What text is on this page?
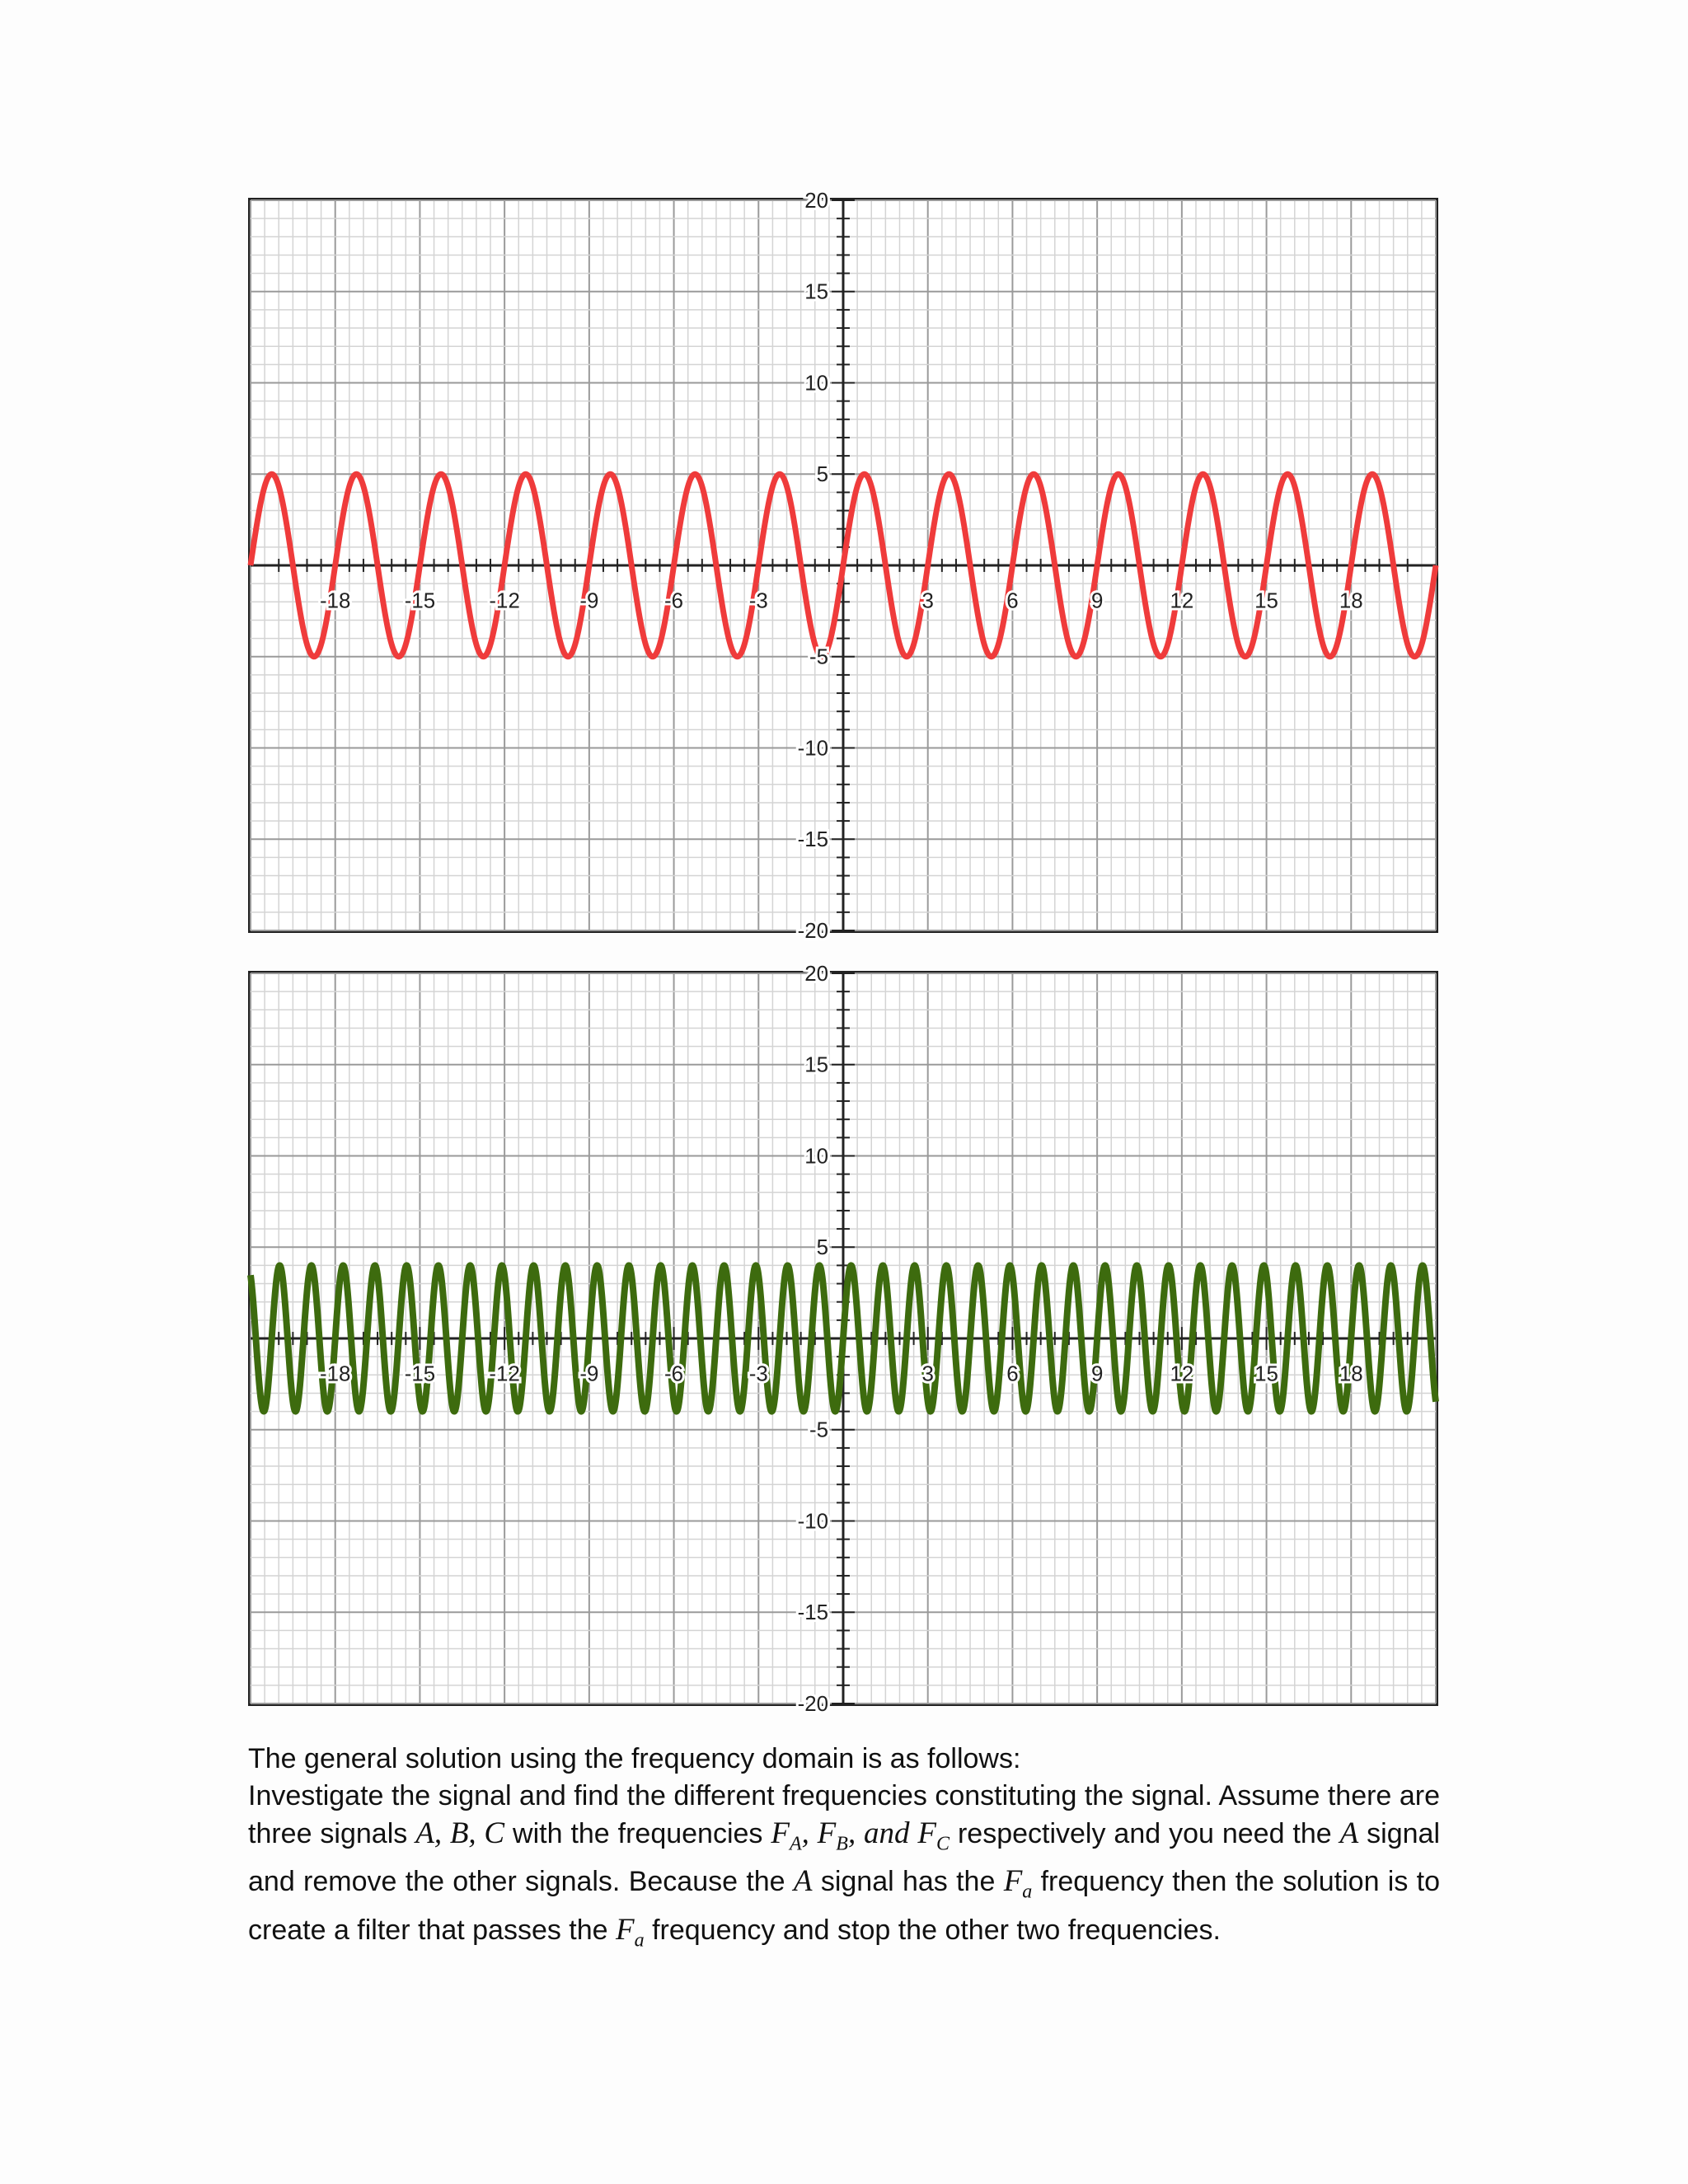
-18	-15	-12	-9	-6	-3	3	6	9	12	15	18
20
15
10
5
-5
-10
-15
-20
-18	-15	-12	-9	-6	-3	3	6	9	12	15	18
20
15
10
5
-5
-10
-15
-20

The general solution using the frequency domain is as follows:

Investigate the signal and find the different frequencies constituting the signal. Assume there are three signals A, B, C with the frequencies $F_A$, $F_B$, and $F_C$ respectively and you need the A signal and remove the other signals. Because the A signal has the $F_a$ frequency then the solution is to create a filter that passes the $F_a$ frequency and stop the other two frequencies.
